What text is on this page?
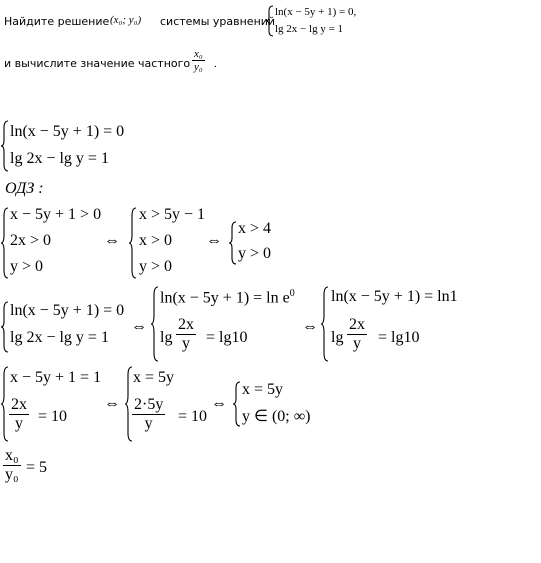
Найдите решение (x₀; y₀) системы уравнений
ln(x − 5y + 1) = 0,
lg 2x − lg y = 1
и вычислите значение частного $\frac{\text{x₀}}{\text{y₀}}$ .
ln(x − 5y + 1) = 0
lg 2x − lg y = 1
ОДЗ :
x − 5y + 1 > 0
2x > 0
y > 0
⇔
x > 5y − 1
x > 0
y > 0
⇔
x > 4
y > 0
ln(x − 5y + 1) = 0
lg 2x − lg y = 1
⇔
$\ln(x - 5y + 1) = \ln e^0$
$\lg \frac{2x}{y} = \lg 10$
⇔
ln(x − 5y + 1) = ln1
$\lg \frac{2x}{y} = \lg 10$
x − 5y + 1 = 1
$\frac{2x}{y} = 10$
⇔
x = 5y
$\frac{2\cdot 5y}{y} = 10$
⇔
x = 5y
y ∈ (0; ∞)
$\frac{\text{x₀}}{\text{y₀}} = 5$
